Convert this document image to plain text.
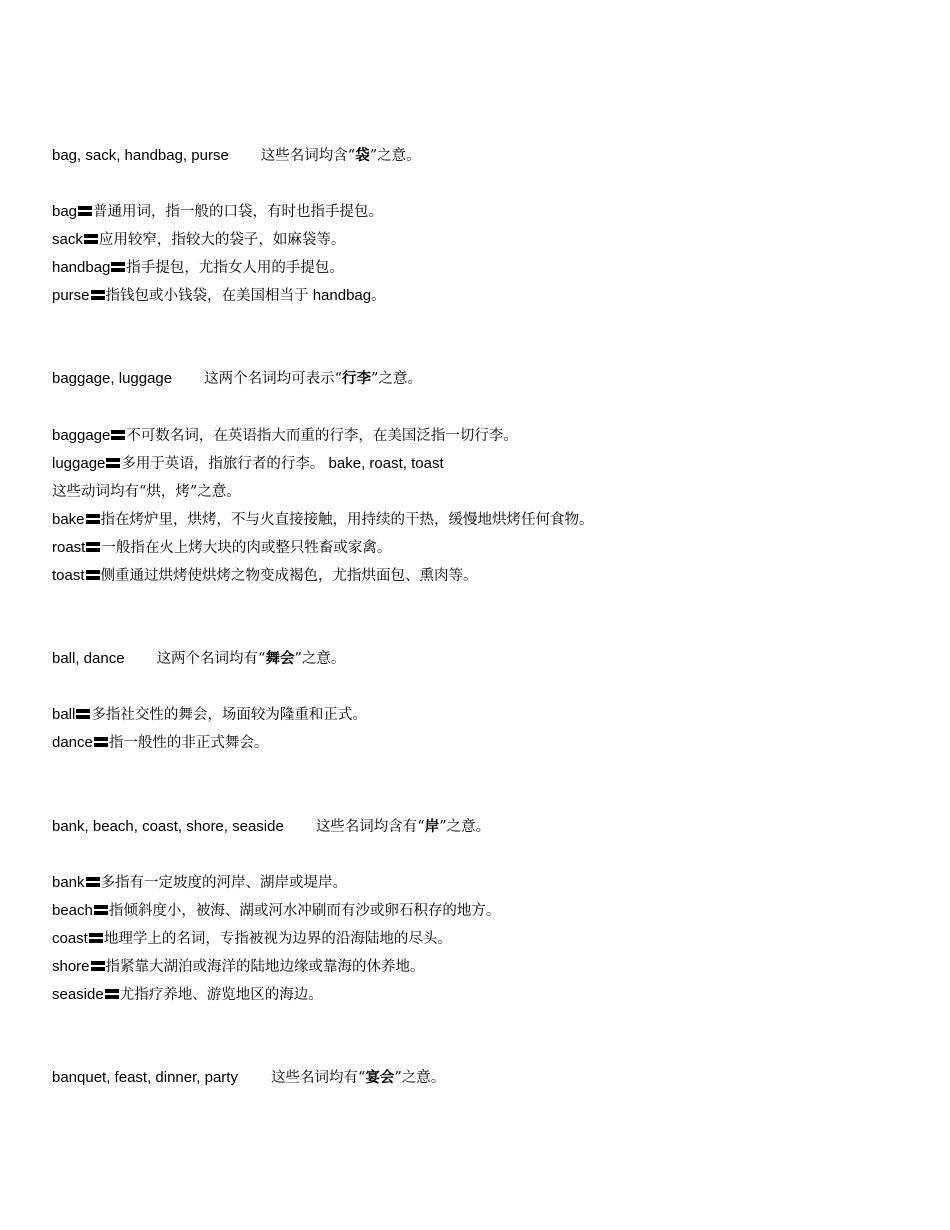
bag, sack, handbag, purse 这些名词均含“袋”之意。
bag 普通用词，指一般的口袋，有时也指手提包。
sack 应用较窄，指较大的袋子，如麻袋等。
handbag 指手提包，尤指女人用的手提包。
purse 指钱包或小钱袋，在美国相当于 handbag。
baggage, luggage 这两个名词均可表示“行李”之意。
baggage 不可数名词，在英语指大而重的行李，在美国泛指一切行李。
luggage 多用于英语，指旅行者的行李。 bake, roast, toast
这些动词均有“烘，烤”之意。
bake 指在烤炉里，烘烤，不与火直接接触，用持续的干热，缓慢地烘烤任何食物。
roast 一般指在火上烤大块的肉或整只牲畜或家禽。
toast 侧重通过烘烤使烘烤之物变成褐色，尤指烘面包、熏肉等。
ball, dance 这两个名词均有“舞会”之意。
ball 多指社交性的舞会，场面较为隆重和正式。
dance 指一般性的非正式舞会。
bank, beach, coast, shore, seaside 这些名词均含有“岸”之意。
bank 多指有一定坡度的河岸、湖岸或堤岸。
beach 指倾斜度小，被海、湖或河水冲刷而有沙或卵石积存的地方。
coast 地理学上的名词，专指被视为边界的沿海陆地的尽头。
shore 指紧靠大湖泊或海洋的陆地边缘或靠海的休养地。
seaside 尤指疗养地、游览地区的海边。
banquet, feast, dinner, party 这些名词均有“宴会”之意。
